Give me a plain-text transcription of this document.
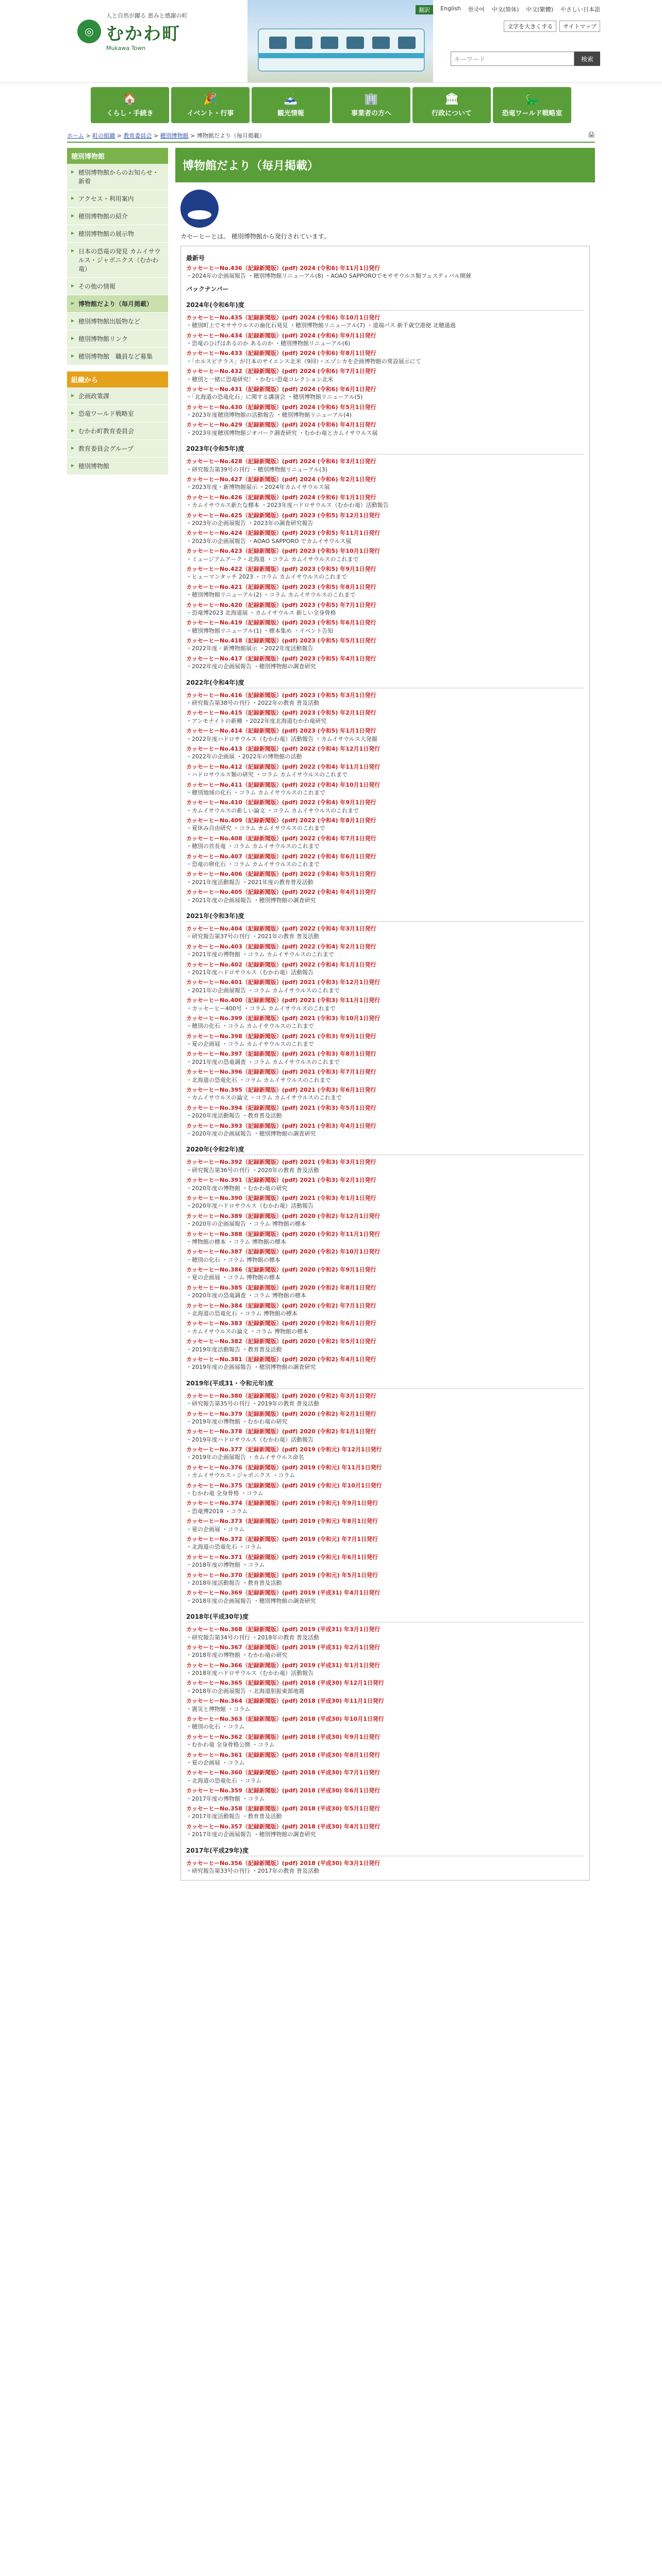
◎
人と自然が躍る 恵みと感謝の町
むかわ町
Mukawa Town
翻訳	English 한국어 中文(简体) 中文(繁體) やさしい日本語
文字を大きくする	サイトマップ
キーワード	検索
🏠
くらし・手続き
🎉
イベント・行事
🗻
観光情報
🏢
事業者の方へ
🏛
行政について
🦕
恐竜ワールド戦略室
ホーム > 町の組織 > 教育委員会 > 穂別博物館 > 博物館だより（毎月掲載）	🖨
穂別博物館
▸ 穂別博物館からのお知らせ・新着
▸ アクセス・利用案内
▸ 穂別博物館の紹介
▸ 穂別博物館の展示物
▸ 日本の恐竜の発見 カムイサウルス・ジャポニクス（むかわ竜）
▸ その他の情報
▸ 博物館だより（毎月掲載）
▸ 穂別博物館出版物など
▸ 穂別博物館リンク
▸ 穂別博物館　職員など募集
組織から
▸ 企画政策課
▸ 恐竜ワールド戦略室
▸ むかわ町教育委員会
▸ 教育委員会グループ
▸ 穂別博物館
博物館だより（毎月掲載）
カセーヒーとは。 穂別博物館から発行されています。
最新号
カッセーヒーNo.436（記録新聞版）(pdf) 2024 (令和6) 年11月1日発行
・2024年の企画展報告 ・穂別博物館リニューアル(8) ・AOAO SAPPOROでモササウルス類フェスティバル開催
バックナンバー
2024年(令和6年)度
カッセーヒーNo.435（記録新聞版）(pdf) 2024 (令和6) 年10月1日発行
・穂別町上でモササウルスの歯化石発見 ・穂別博物館リニューアル(7) ・道端バス 新千歳空港便 北穂通過
カッセーヒーNo.434（記録新聞版）(pdf) 2024 (令和6) 年9月1日発行
・恐竜のひげはあるのか あるのか ・穂別博物館リニューアル(6)
カッセーヒーNo.433（記録新聞版）(pdf) 2024 (令和6) 年8月1日発行
・「ホルスピテラス」が日本のサイエンス北米（9回）・エゾシカを企画博物館の常設展示にて
カッセーヒーNo.432（記録新聞版）(pdf) 2024 (令和6) 年7月1日発行
・穂別と一緒に恐竜研究！・かむい恐竜コレクション北米
カッセーヒーNo.431（記録新聞版）(pdf) 2024 (令和6) 年6月1日発行
・「北海道の恐竜化石」に関する講演会 ・穂別博物館リニューアル(5)
カッセーヒーNo.430（記録新聞版）(pdf) 2024 (令和6) 年5月1日発行
・2023年度穂別博物館の活動報告 ・穂別博物館リニューアル(4)
カッセーヒーNo.429（記録新聞版）(pdf) 2024 (令和6) 年4月1日発行
・2023年度穂別博物館ジオパーク調査研究 ・むかわ竜とカムイサウルス展
2023年(令和5年)度
カッセーヒーNo.428（記録新聞版）(pdf) 2024 (令和6) 年3月1日発行
・研究報告第39号の刊行 ・穂別博物館リニューアル(3)
カッセーヒーNo.427（記録新聞版）(pdf) 2024 (令和6) 年2月1日発行
・2023年度・新博物館展示 ・2024年カムイサウルス展
カッセーヒーNo.426（記録新聞版）(pdf) 2024 (令和6) 年1月1日発行
・カムイサウルス新たな標本 ・2023年度ハドロサウルス（むかわ竜）活動報告
カッセーヒーNo.425（記録新聞版）(pdf) 2023 (令和5) 年12月1日発行
・2023年の企画展報告 ・2023年の調査研究報告
カッセーヒーNo.424（記録新聞版）(pdf) 2023 (令和5) 年11月1日発行
・2023年の企画展報告 ・AOAO SAPPORO でカムイサウルス展
カッセーヒーNo.423（記録新聞版）(pdf) 2023 (令和5) 年10月1日発行
・ミュージアムアーク・北海道 ・コラム カムイサウルスのこれまで
カッセーヒーNo.422（記録新聞版）(pdf) 2023 (令和5) 年9月1日発行
・ヒューマンタッチ 2023 ・コラム カムイサウルスのこれまで
カッセーヒーNo.421（記録新聞版）(pdf) 2023 (令和5) 年8月1日発行
・穂別博物館リニューアル(2) ・コラム カムイサウルスのこれまで
カッセーヒーNo.420（記録新聞版）(pdf) 2023 (令和5) 年7月1日発行
・恐竜博2023 北海道展 ・カムイサウルス 新しい全身骨格
カッセーヒーNo.419（記録新聞版）(pdf) 2023 (令和5) 年6月1日発行
・穂別博物館リニューアル(1) ・標本集め ・イベント告知
カッセーヒーNo.418（記録新聞版）(pdf) 2023 (令和5) 年5月1日発行
・2022年度・新博物館展示 ・2022年度活動報告
カッセーヒーNo.417（記録新聞版）(pdf) 2023 (令和5) 年4月1日発行
・2022年度の企画展報告 ・穂別博物館の調査研究
2022年(令和4年)度
カッセーヒーNo.416（記録新聞版）(pdf) 2023 (令和5) 年3月1日発行
・研究報告第38号の刊行 ・2022年の教育 普及活動
カッセーヒーNo.415（記録新聞版）(pdf) 2023 (令和5) 年2月1日発行
・アンモナイトの新種 ・2022年度北海道むかわ竜研究
カッセーヒーNo.414（記録新聞版）(pdf) 2023 (令和5) 年1月1日発行
・2022年度ハドロサウルス（むかわ竜）活動報告 ・カムイサウルス大発掘
カッセーヒーNo.413（記録新聞版）(pdf) 2022 (令和4) 年12月1日発行
・2022年の企画展 ・2022年の博物館の活動
カッセーヒーNo.412（記録新聞版）(pdf) 2022 (令和4) 年11月1日発行
・ハドロサウルス類の研究 ・コラム カムイサウルスのこれまで
カッセーヒーNo.411（記録新聞版）(pdf) 2022 (令和4) 年10月1日発行
・穂別地域の化石 ・コラム カムイサウルスのこれまで
カッセーヒーNo.410（記録新聞版）(pdf) 2022 (令和4) 年9月1日発行
・カムイサウルスの新しい論文 ・コラム カムイサウルスのこれまで
カッセーヒーNo.409（記録新聞版）(pdf) 2022 (令和4) 年8月1日発行
・夏休み自由研究 ・コラム カムイサウルスのこれまで
カッセーヒーNo.408（記録新聞版）(pdf) 2022 (令和4) 年7月1日発行
・穂別の首長竜 ・コラム カムイサウルスのこれまで
カッセーヒーNo.407（記録新聞版）(pdf) 2022 (令和4) 年6月1日発行
・恐竜の卵化石 ・コラム カムイサウルスのこれまで
カッセーヒーNo.406（記録新聞版）(pdf) 2022 (令和4) 年5月1日発行
・2021年度活動報告 ・2021年度の教育普及活動
カッセーヒーNo.405（記録新聞版）(pdf) 2022 (令和4) 年4月1日発行
・2021年度の企画展報告 ・穂別博物館の調査研究
2021年(令和3年)度
カッセーヒーNo.404（記録新聞版）(pdf) 2022 (令和4) 年3月1日発行
・研究報告第37号の刊行 ・2021年の教育 普及活動
カッセーヒーNo.403（記録新聞版）(pdf) 2022 (令和4) 年2月1日発行
・2021年度の博物館 ・コラム カムイサウルスのこれまで
カッセーヒーNo.402（記録新聞版）(pdf) 2022 (令和4) 年1月1日発行
・2021年度ハドロサウルス（むかわ竜）活動報告
カッセーヒーNo.401（記録新聞版）(pdf) 2021 (令和3) 年12月1日発行
・2021年の企画展報告 ・コラム カムイサウルスのこれまで
カッセーヒーNo.400（記録新聞版）(pdf) 2021 (令和3) 年11月1日発行
・カッセーヒー400号 ・コラム カムイサウルスのこれまで
カッセーヒーNo.399（記録新聞版）(pdf) 2021 (令和3) 年10月1日発行
・穂別の化石 ・コラム カムイサウルスのこれまで
カッセーヒーNo.398（記録新聞版）(pdf) 2021 (令和3) 年9月1日発行
・夏の企画展 ・コラム カムイサウルスのこれまで
カッセーヒーNo.397（記録新聞版）(pdf) 2021 (令和3) 年8月1日発行
・2021年度の恐竜調査 ・コラム カムイサウルスのこれまで
カッセーヒーNo.396（記録新聞版）(pdf) 2021 (令和3) 年7月1日発行
・北海道の恐竜化石 ・コラム カムイサウルスのこれまで
カッセーヒーNo.395（記録新聞版）(pdf) 2021 (令和3) 年6月1日発行
・カムイサウルスの論文 ・コラム カムイサウルスのこれまで
カッセーヒーNo.394（記録新聞版）(pdf) 2021 (令和3) 年5月1日発行
・2020年度活動報告 ・教育普及活動
カッセーヒーNo.393（記録新聞版）(pdf) 2021 (令和3) 年4月1日発行
・2020年度の企画展報告 ・穂別博物館の調査研究
2020年(令和2年)度
カッセーヒーNo.392（記録新聞版）(pdf) 2021 (令和3) 年3月1日発行
・研究報告第36号の刊行 ・2020年の教育 普及活動
カッセーヒーNo.391（記録新聞版）(pdf) 2021 (令和3) 年2月1日発行
・2020年度の博物館 ・むかわ竜の研究
カッセーヒーNo.390（記録新聞版）(pdf) 2021 (令和3) 年1月1日発行
・2020年度ハドロサウルス（むかわ竜）活動報告
カッセーヒーNo.389（記録新聞版）(pdf) 2020 (令和2) 年12月1日発行
・2020年の企画展報告 ・コラム 博物館の標本
カッセーヒーNo.388（記録新聞版）(pdf) 2020 (令和2) 年11月1日発行
・博物館の標本 ・コラム 博物館の標本
カッセーヒーNo.387（記録新聞版）(pdf) 2020 (令和2) 年10月1日発行
・穂別の化石 ・コラム 博物館の標本
カッセーヒーNo.386（記録新聞版）(pdf) 2020 (令和2) 年9月1日発行
・夏の企画展 ・コラム 博物館の標本
カッセーヒーNo.385（記録新聞版）(pdf) 2020 (令和2) 年8月1日発行
・2020年度の恐竜調査 ・コラム 博物館の標本
カッセーヒーNo.384（記録新聞版）(pdf) 2020 (令和2) 年7月1日発行
・北海道の恐竜化石 ・コラム 博物館の標本
カッセーヒーNo.383（記録新聞版）(pdf) 2020 (令和2) 年6月1日発行
・カムイサウルスの論文 ・コラム 博物館の標本
カッセーヒーNo.382（記録新聞版）(pdf) 2020 (令和2) 年5月1日発行
・2019年度活動報告 ・教育普及活動
カッセーヒーNo.381（記録新聞版）(pdf) 2020 (令和2) 年4月1日発行
・2019年度の企画展報告 ・穂別博物館の調査研究
2019年(平成31・令和元年)度
カッセーヒーNo.380（記録新聞版）(pdf) 2020 (令和2) 年3月1日発行
・研究報告第35号の刊行 ・2019年の教育 普及活動
カッセーヒーNo.379（記録新聞版）(pdf) 2020 (令和2) 年2月1日発行
・2019年度の博物館 ・むかわ竜の研究
カッセーヒーNo.378（記録新聞版）(pdf) 2020 (令和2) 年1月1日発行
・2019年度ハドロサウルス（むかわ竜）活動報告
カッセーヒーNo.377（記録新聞版）(pdf) 2019 (令和元) 年12月1日発行
・2019年の企画展報告 ・カムイサウルス命名
カッセーヒーNo.376（記録新聞版）(pdf) 2019 (令和元) 年11月1日発行
・カムイサウルス・ジャポニクス ・コラム
カッセーヒーNo.375（記録新聞版）(pdf) 2019 (令和元) 年10月1日発行
・むかわ竜 全身骨格 ・コラム
カッセーヒーNo.374（記録新聞版）(pdf) 2019 (令和元) 年9月1日発行
・恐竜博2019 ・コラム
カッセーヒーNo.373（記録新聞版）(pdf) 2019 (令和元) 年8月1日発行
・夏の企画展 ・コラム
カッセーヒーNo.372（記録新聞版）(pdf) 2019 (令和元) 年7月1日発行
・北海道の恐竜化石 ・コラム
カッセーヒーNo.371（記録新聞版）(pdf) 2019 (令和元) 年6月1日発行
・2018年度の博物館 ・コラム
カッセーヒーNo.370（記録新聞版）(pdf) 2019 (令和元) 年5月1日発行
・2018年度活動報告 ・教育普及活動
カッセーヒーNo.369（記録新聞版）(pdf) 2019 (平成31) 年4月1日発行
・2018年度の企画展報告 ・穂別博物館の調査研究
2018年(平成30年)度
カッセーヒーNo.368（記録新聞版）(pdf) 2019 (平成31) 年3月1日発行
・研究報告第34号の刊行 ・2018年の教育 普及活動
カッセーヒーNo.367（記録新聞版）(pdf) 2019 (平成31) 年2月1日発行
・2018年度の博物館 ・むかわ竜の研究
カッセーヒーNo.366（記録新聞版）(pdf) 2019 (平成31) 年1月1日発行
・2018年度ハドロサウルス（むかわ竜）活動報告
カッセーヒーNo.365（記録新聞版）(pdf) 2018 (平成30) 年12月1日発行
・2018年の企画展報告 ・北海道胆振東部地震
カッセーヒーNo.364（記録新聞版）(pdf) 2018 (平成30) 年11月1日発行
・震災と博物館 ・コラム
カッセーヒーNo.363（記録新聞版）(pdf) 2018 (平成30) 年10月1日発行
・穂別の化石 ・コラム
カッセーヒーNo.362（記録新聞版）(pdf) 2018 (平成30) 年9月1日発行
・むかわ竜 全身骨格公開 ・コラム
カッセーヒーNo.361（記録新聞版）(pdf) 2018 (平成30) 年8月1日発行
・夏の企画展 ・コラム
カッセーヒーNo.360（記録新聞版）(pdf) 2018 (平成30) 年7月1日発行
・北海道の恐竜化石 ・コラム
カッセーヒーNo.359（記録新聞版）(pdf) 2018 (平成30) 年6月1日発行
・2017年度の博物館 ・コラム
カッセーヒーNo.358（記録新聞版）(pdf) 2018 (平成30) 年5月1日発行
・2017年度活動報告 ・教育普及活動
カッセーヒーNo.357（記録新聞版）(pdf) 2018 (平成30) 年4月1日発行
・2017年度の企画展報告 ・穂別博物館の調査研究
2017年(平成29年)度
カッセーヒーNo.356（記録新聞版）(pdf) 2018 (平成30) 年3月1日発行
・研究報告第33号の刊行 ・2017年の教育 普及活動
